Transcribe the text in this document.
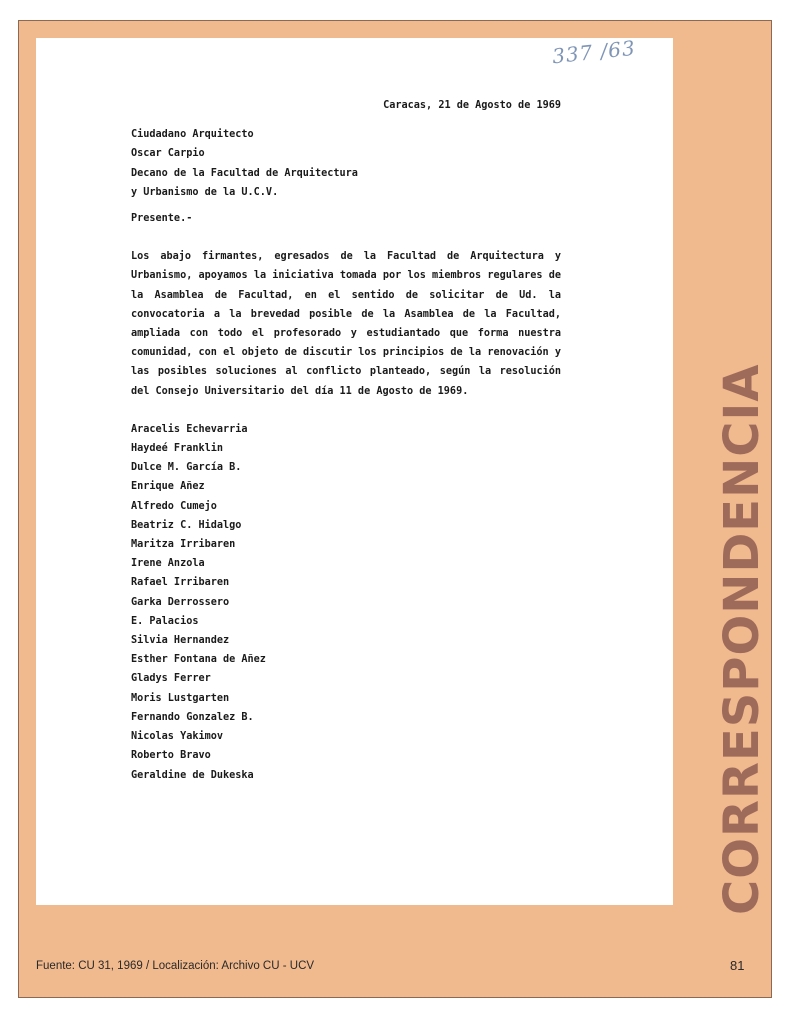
337 /63
Caracas, 21 de Agosto de 1969
Ciudadano Arquitecto
Oscar Carpio
Decano de la Facultad de Arquitectura
y Urbanismo de la U.C.V.
Presente.-
Los abajo firmantes, egresados de la Facultad de Arquitectura y Urbanismo, apoyamos la iniciativa tomada por los miembros regulares de la Asamblea de Facultad, en el sentido de solicitar de Ud. la convocatoria a la brevedad posible de la Asamblea de la Facultad, ampliada con todo el profesorado y estudiantado que forma nuestra comunidad, con el objeto de discutir los principios de la renovación y las posibles soluciones al conflicto planteado, según la resolución del Consejo Universitario del día 11 de Agosto de 1969.
Aracelis Echevarria
Haydeé Franklin
Dulce M. García B.
Enrique Añez
Alfredo Cumejo
Beatriz C. Hidalgo
Maritza Irribaren
Irene Anzola
Rafael Irribaren
Garka Derrossero
E. Palacios
Silvia Hernandez
Esther Fontana de Añez
Gladys Ferrer
Moris Lustgarten
Fernando Gonzalez B.
Nicolas Yakimov
Roberto Bravo
Geraldine de Dukeska	CORRESPONDENCIA
Fuente: CU 31, 1969 / Localización: Archivo CU - UCV	81
